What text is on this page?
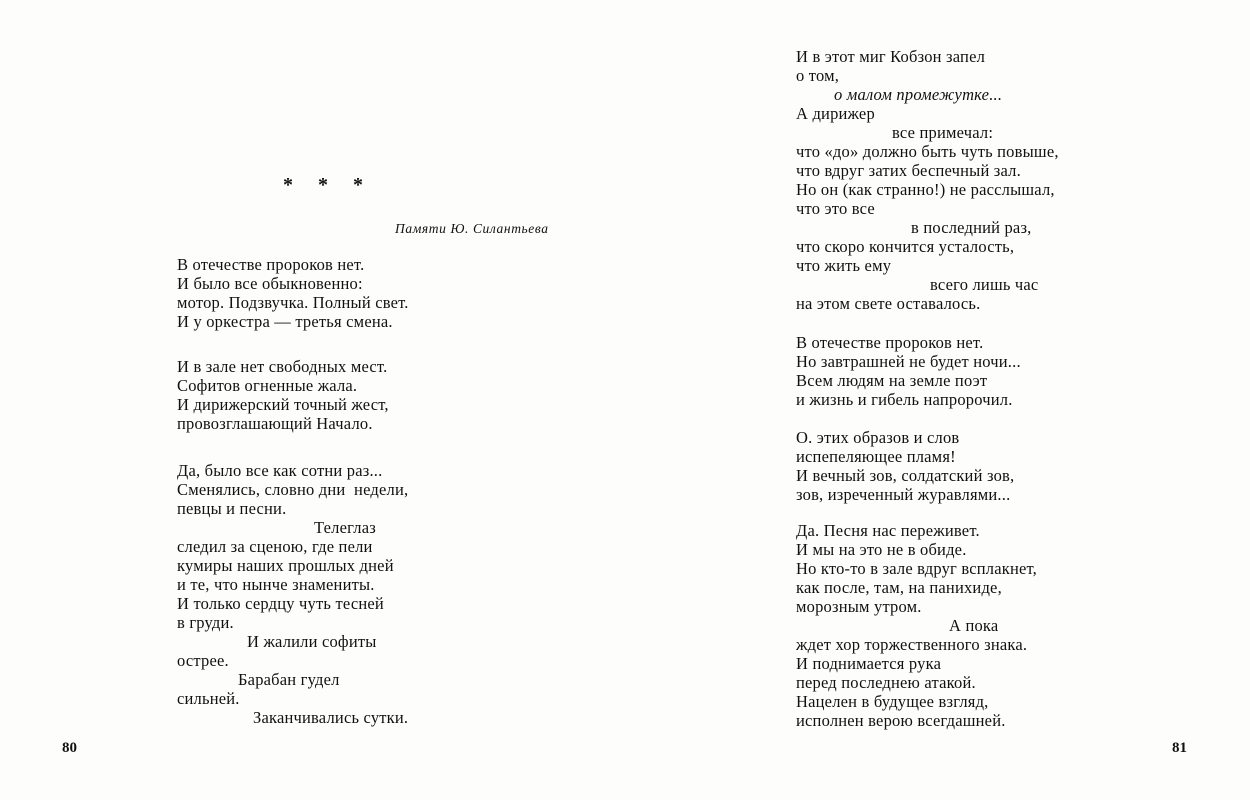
* * *
Памяти Ю. Силантьева
В отечестве пророков нет.
И было все обыкновенно:
мотор. Подзвучка. Полный свет.
И у оркестра — третья смена.
И в зале нет свободных мест.
Софитов огненные жала.
И дирижерский точный жест,
провозглашающий Начало.
Да, было все как сотни раз...
Сменялись, словно дни  недели,
певцы и песни.
Телеглаз
следил за сценою, где пели
кумиры наших прошлых дней
и те, что нынче знамениты.
И только сердцу чуть тесней
в груди.
И жалили софиты
острее.
Барабан гудел
сильней.
Заканчивались сутки.
80
И в этот миг Кобзон запел
о том,
о малом промежутке...
А дирижер
все примечал:
что «до» должно быть чуть повыше,
что вдруг затих беспечный зал.
Но он (как странно!) не расслышал,
что это все
в последний раз,
что скоро кончится усталость,
что жить ему
всего лишь час
на этом свете оставалось.
В отечестве пророков нет.
Но завтрашней не будет ночи...
Всем людям на земле поэт
и жизнь и гибель напророчил.
О. этих образов и слов
испепеляющее пламя!
И вечный зов, солдатский зов,
зов, изреченный журавлями...
Да. Песня нас переживет.
И мы на это не в обиде.
Но кто-то в зале вдруг всплакнет,
как после, там, на панихиде,
морозным утром.
А пока
ждет хор торжественного знака.
И поднимается рука
перед последнею атакой.
Нацелен в будущее взгляд,
исполнен верою всегдашней.
81
